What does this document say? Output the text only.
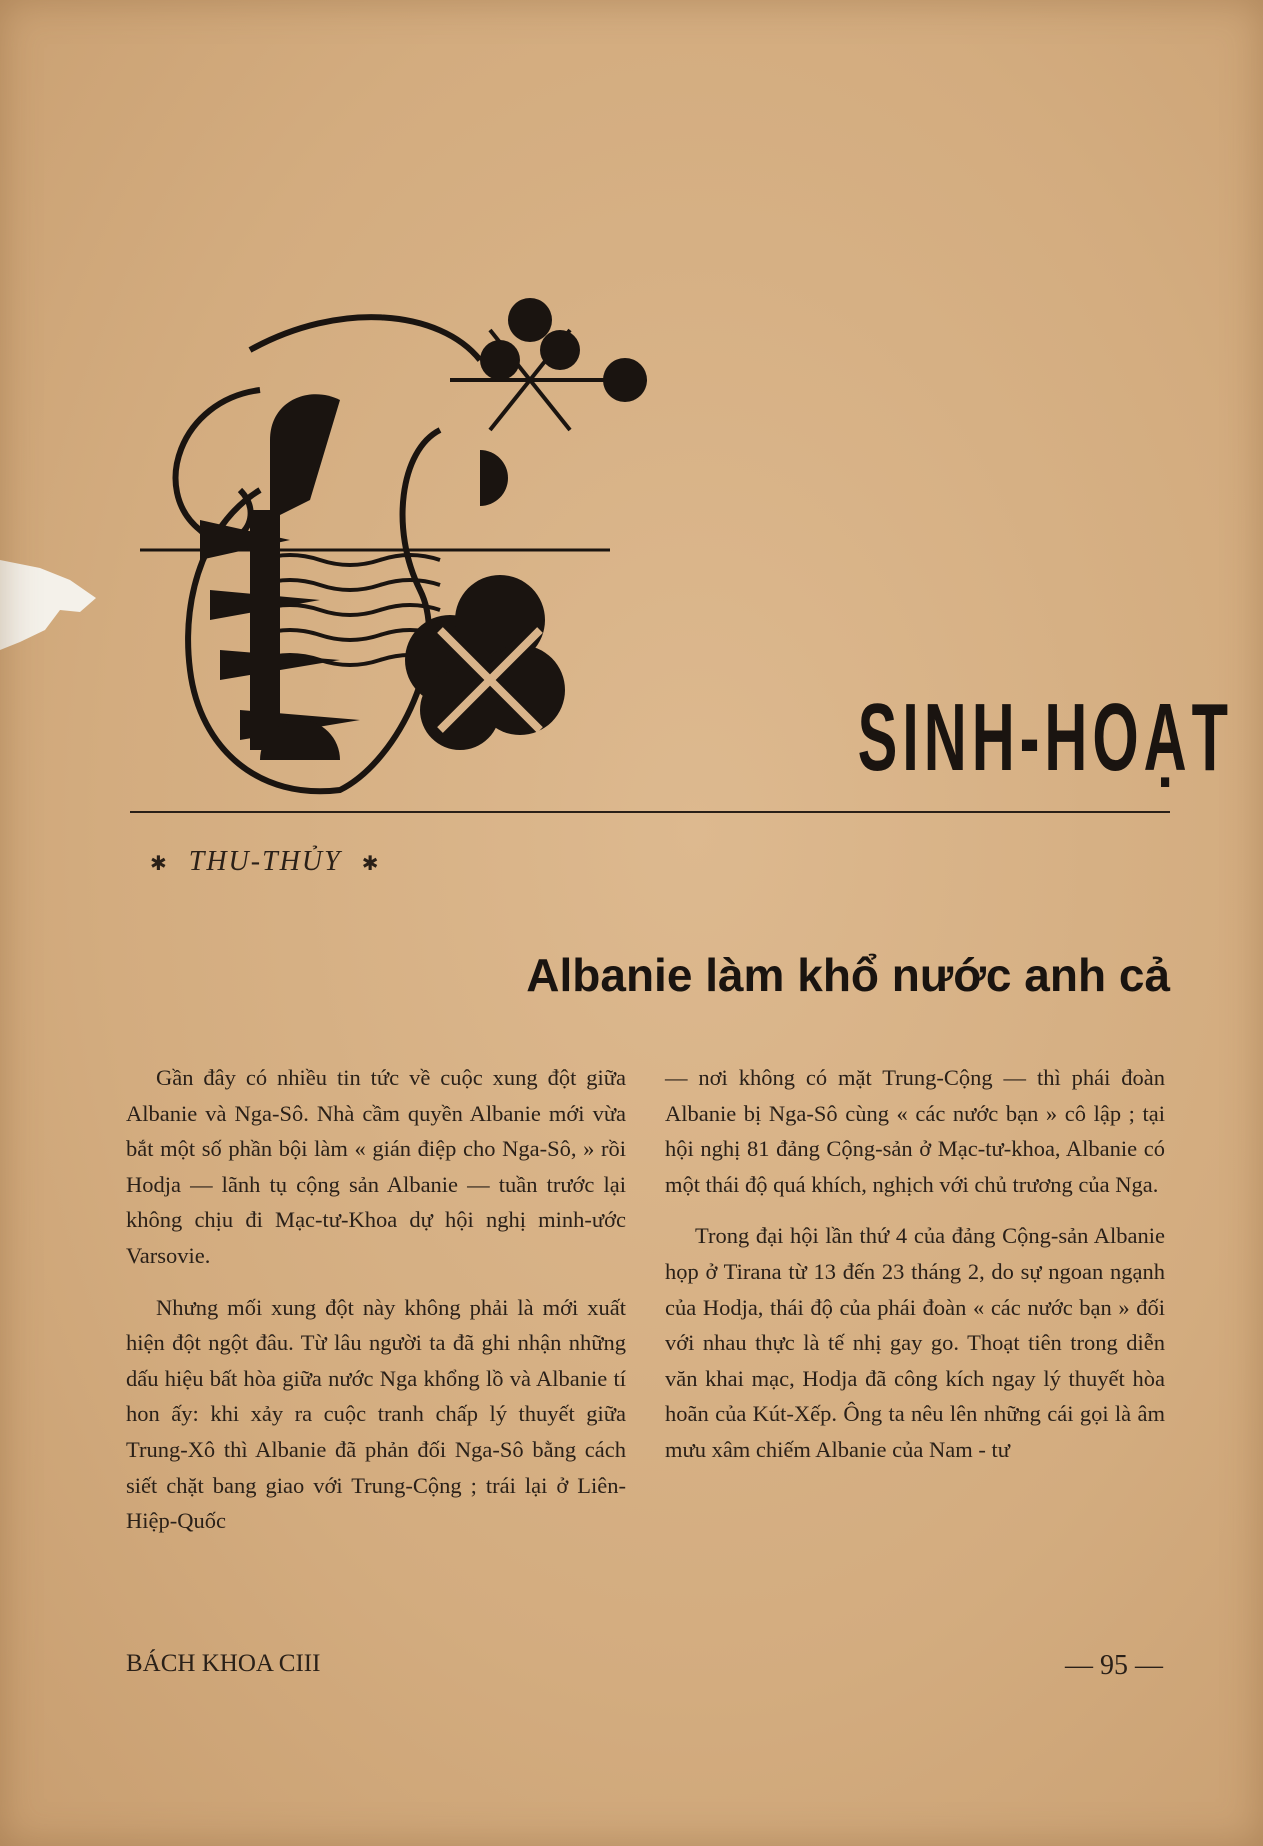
SINH-HOẠT
✱ THU-THỦY ✱
Albanie làm khổ nước anh cả

Gần đây có nhiều tin tức về cuộc xung đột giữa Albanie và Nga-Sô. Nhà cầm quyền Albanie mới vừa bắt một số phần bội làm « gián điệp cho Nga-Sô, » rồi Hodja — lãnh tụ cộng sản Albanie — tuần trước lại không chịu đi Mạc-tư-Khoa dự hội nghị minh-ước Varsovie.

Nhưng mối xung đột này không phải là mới xuất hiện đột ngột đâu. Từ lâu người ta đã ghi nhận những dấu hiệu bất hòa giữa nước Nga khổng lồ và Albanie tí hon ấy: khi xảy ra cuộc tranh chấp lý thuyết giữa Trung-Xô thì Albanie đã phản đối Nga-Sô bằng cách siết chặt bang giao với Trung-Cộng ; trái lại ở Liên-Hiệp-Quốc

— nơi không có mặt Trung-Cộng — thì phái đoàn Albanie bị Nga-Sô cùng « các nước bạn » cô lập ; tại hội nghị 81 đảng Cộng-sản ở Mạc-tư-khoa, Albanie có một thái độ quá khích, nghịch với chủ trương của Nga.

Trong đại hội lần thứ 4 của đảng Cộng-sản Albanie họp ở Tirana từ 13 đến 23 tháng 2, do sự ngoan ngạnh của Hodja, thái độ của phái đoàn « các nước bạn » đối với nhau thực là tế nhị gay go. Thoạt tiên trong diễn văn khai mạc, Hodja đã công kích ngay lý thuyết hòa hoãn của Kút-Xếp. Ông ta nêu lên những cái gọi là âm mưu xâm chiếm Albanie của Nam - tư

BÁCH KHOA CIII	— 95 —
